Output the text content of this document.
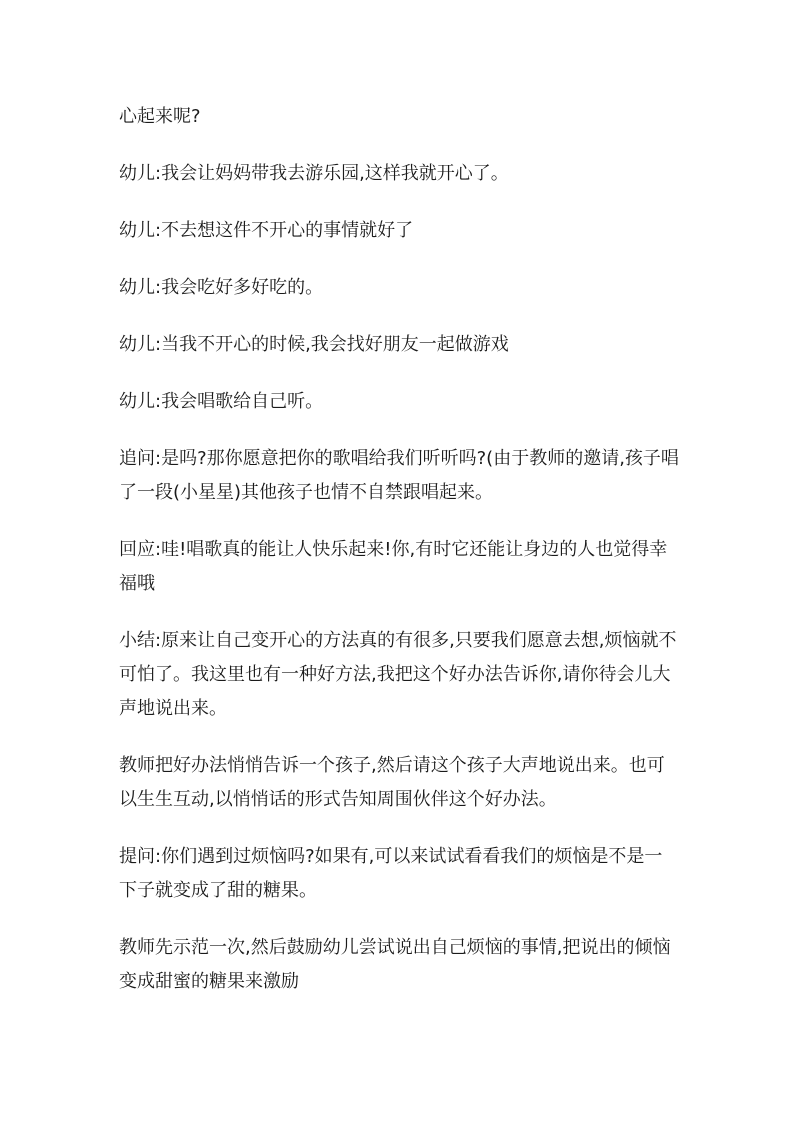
心起来呢?

幼儿:我会让妈妈带我去游乐园,这样我就开心了。

幼儿:不去想这件不开心的事情就好了

幼儿:我会吃好多好吃的。

幼儿:当我不开心的时候,我会找好朋友一起做游戏

幼儿:我会唱歌给自己听。

追问:是吗?那你愿意把你的歌唱给我们听听吗?(由于教师的邀请,孩子唱了一段(小星星)其他孩子也情不自禁跟唱起来。

回应:哇!唱歌真的能让人快乐起来!你,有时它还能让身边的人也觉得幸福哦

小结:原来让自己变开心的方法真的有很多,只要我们愿意去想,烦恼就不可怕了。我这里也有一种好方法,我把这个好办法告诉你,请你待会儿大声地说出来。

教师把好办法悄悄告诉一个孩子,然后请这个孩子大声地说出来。也可以生生互动,以悄悄话的形式告知周围伙伴这个好办法。

提问:你们遇到过烦恼吗?如果有,可以来试试看看我们的烦恼是不是一下子就变成了甜的糖果。

教师先示范一次,然后鼓励幼儿尝试说出自己烦恼的事情,把说出的倾恼变成甜蜜的糖果来激励
